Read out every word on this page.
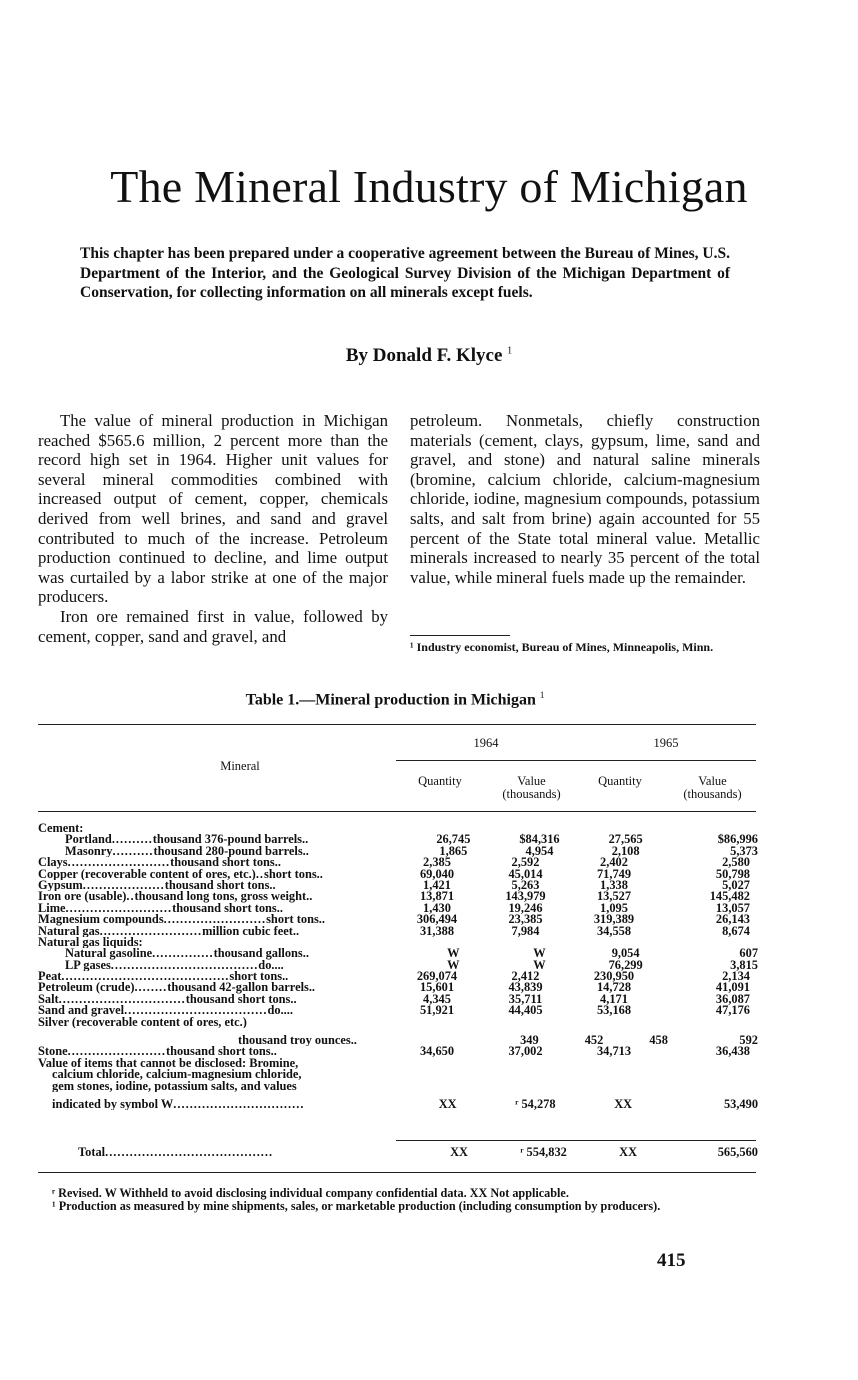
The Mineral Industry of Michigan
This chapter has been prepared under a cooperative agreement between the Bureau of Mines, U.S. Department of the Interior, and the Geological Survey Division of the Michigan Department of Conservation, for collecting information on all minerals except fuels.
By Donald F. Klyce $^1$

The value of mineral production in Michigan reached $565.6 million, 2 percent more than the record high set in 1964. Higher unit values for several mineral commodities combined with increased output of cement, copper, chemicals derived from well brines, and sand and gravel contributed to much of the increase. Petroleum production continued to decline, and lime output was curtailed by a labor strike at one of the major producers.

Iron ore remained first in value, followed by cement, copper, sand and gravel, and

petroleum. Nonmetals, chiefly construction materials (cement, clays, gypsum, lime, sand and gravel, and stone) and natural saline minerals (bromine, calcium chloride, calcium-magnesium chloride, iodine, magnesium compounds, potassium salts, and salt from brine) again accounted for 55 percent of the State total mineral value. Metallic minerals increased to nearly 35 percent of the total value, while mineral fuels made up the remainder.

¹ Industry economist, Bureau of Mines, Minneapolis, Minn.
Table 1.—Mineral production in Michigan $^1$
Mineral
1964	1965
Quantity	Value
(thousands)
Quantity	Value
(thousands)
Cement:
Portland..........thousand 376-pound barrels..	26,745	$84,316	27,565	$86,996
Masonry..........thousand 280-pound barrels..	1,865	4,954	2,108	5,373
Clays.........................thousand short tons..	2,385	2,592	2,402	2,580
Copper (recoverable content of ores, etc.)..short tons..	69,040	45,014	71,749	50,798
Gypsum....................thousand short tons..	1,421	5,263	1,338	5,027
Iron ore (usable)..thousand long tons, gross weight..	13,871	143,979	13,527	145,482
Lime..........................thousand short tons..	1,430	19,246	1,095	13,057
Magnesium compounds.........................short tons..	306,494	23,385	319,389	26,143
Natural gas.........................million cubic feet..	31,388	7,984	34,558	8,674
Natural gas liquids:
Natural gasoline...............thousand gallons..	W	W	9,054	607
LP gases....................................do....	W	W	76,299	3,815
Peat.........................................short tons..	269,074	2,412	230,950	2,134
Petroleum (crude)........thousand 42-gallon barrels..	15,601	43,839	14,728	41,091
Salt...............................thousand short tons..	4,345	35,711	4,171	36,087
Sand and gravel...................................do....	51,921	44,405	53,168	47,176
Silver (recoverable content of ores, etc.)
thousand troy ounces..	349	452	458	592
Stone........................thousand short tons..	34,650	37,002	34,713	36,438
Value of items that cannot be disclosed: Bromine,
calcium chloride, calcium-magnesium chloride,
gem stones, iodine, potassium salts, and values
indicated by symbol W................................	XX	ʳ 54,278	XX	53,490
Total.........................................	XX	ʳ 554,832	XX	565,560

ʳ Revised. W Withheld to avoid disclosing individual company confidential data. XX Not applicable.

¹ Production as measured by mine shipments, sales, or marketable production (including consumption by producers).

415
